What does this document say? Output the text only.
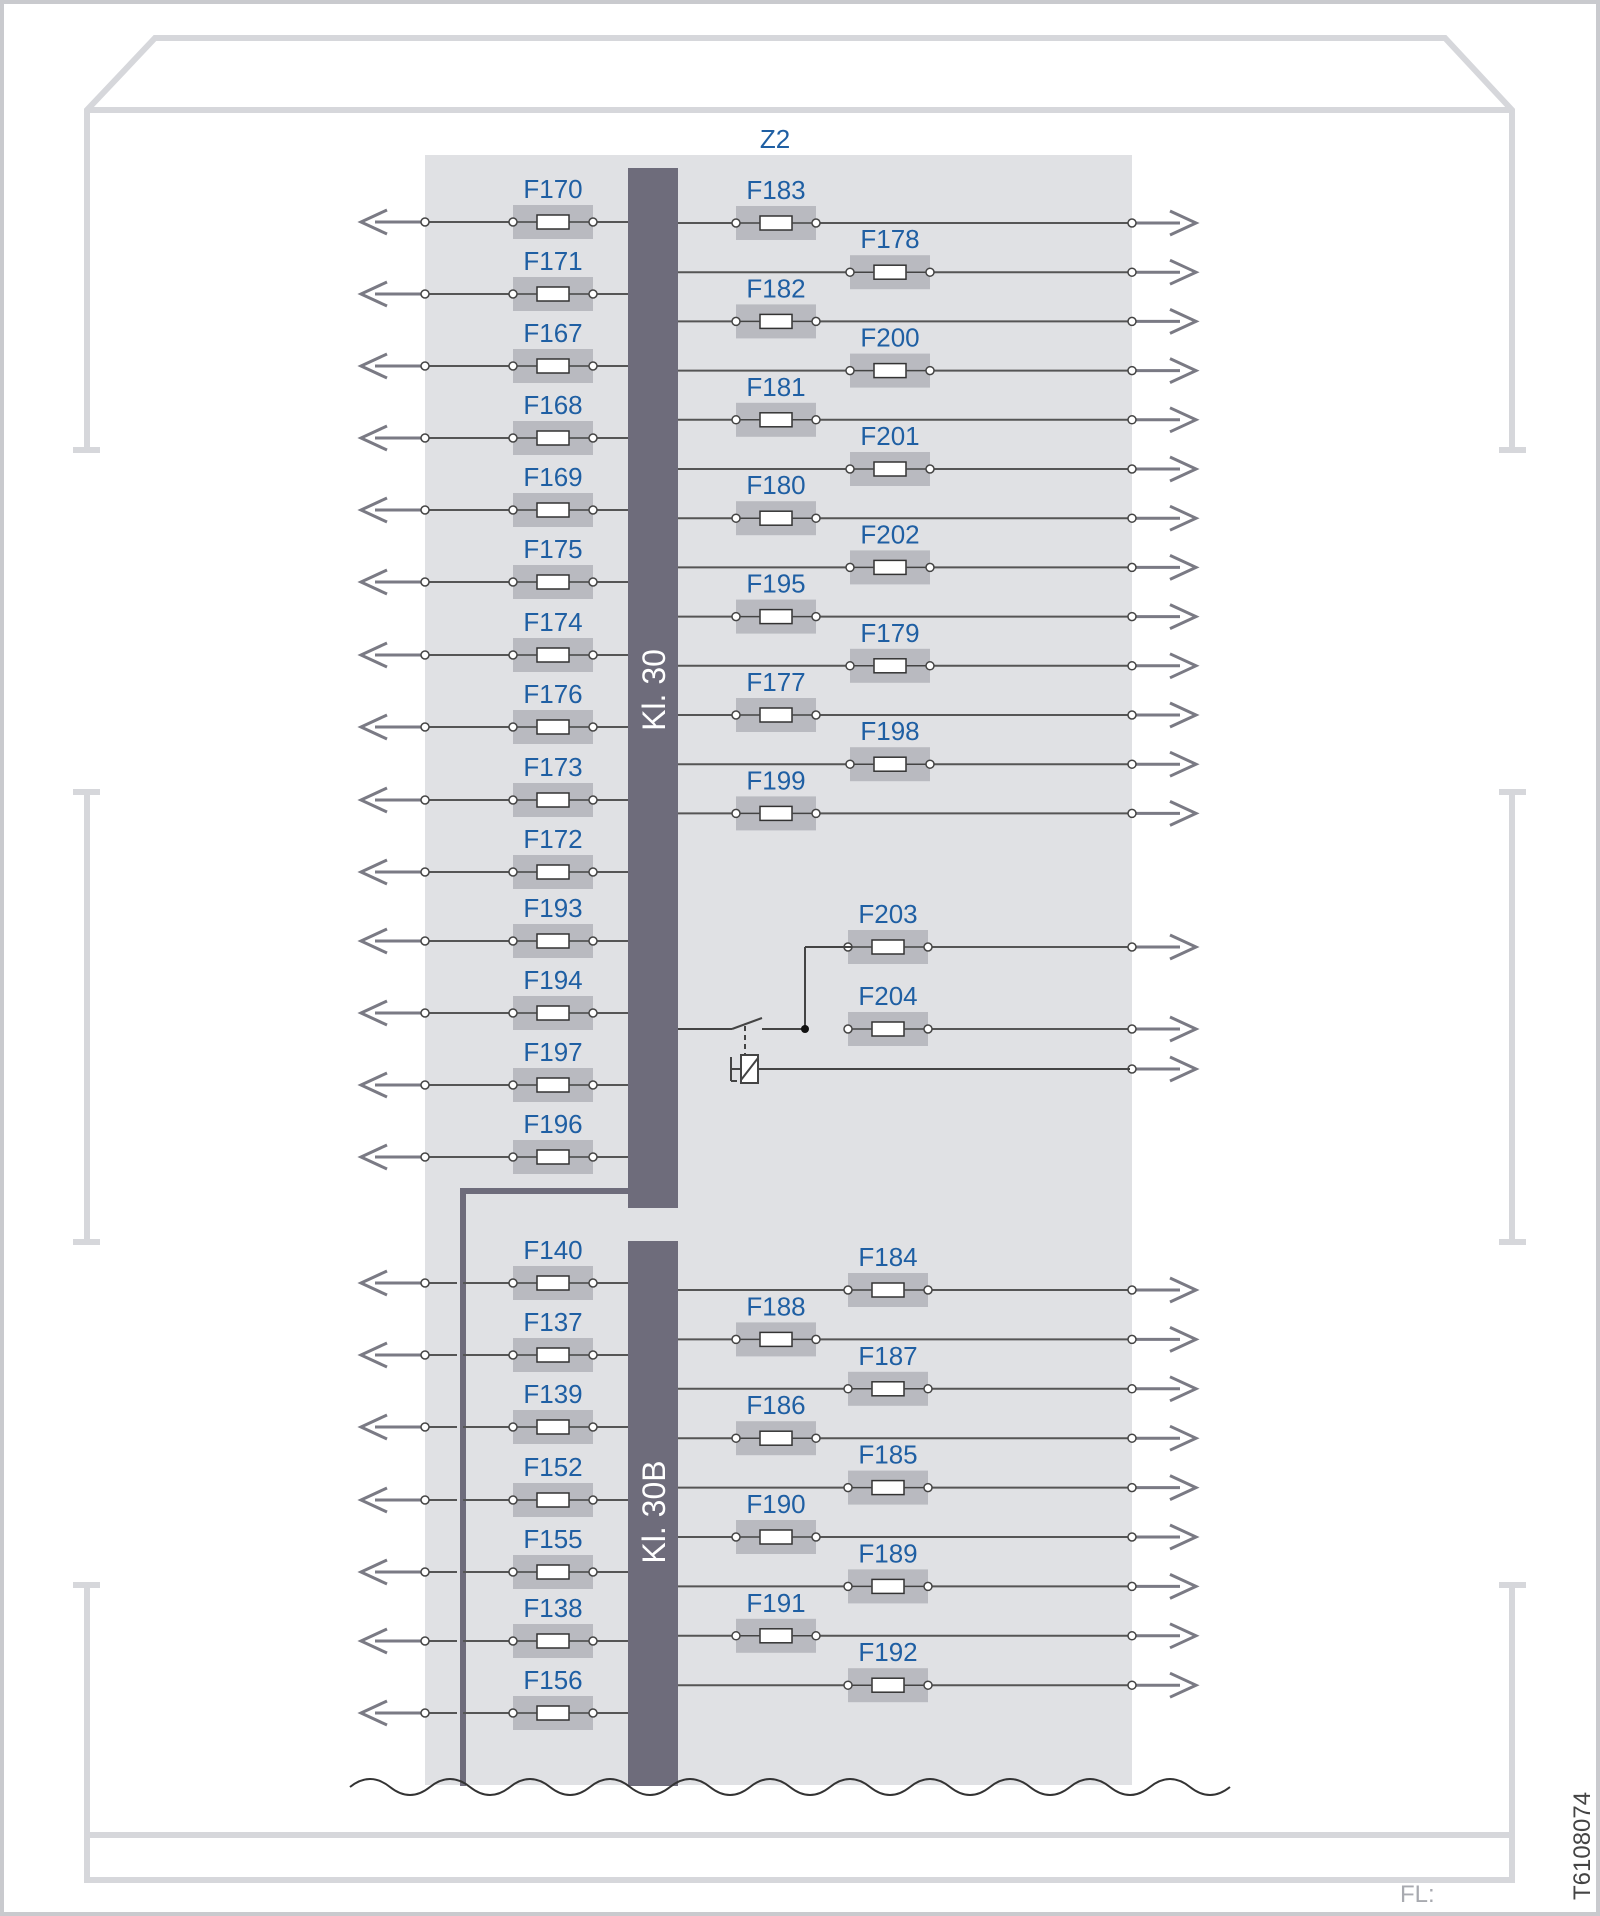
Z2
Kl. 30
Kl. 30B
F170
F171
F167
F168
F169
F175
F174
F176
F173
F172
F193
F194
F197
F196
F183
F178
F182
F200
F181
F201
F180
F202
F195
F179
F177
F198
F199
F203
F204
F140
F137
F139
F152
F155
F138
F156
F184
F188
F187
F186
F185
F190
F189
F191
F192
FL:	T6108074
